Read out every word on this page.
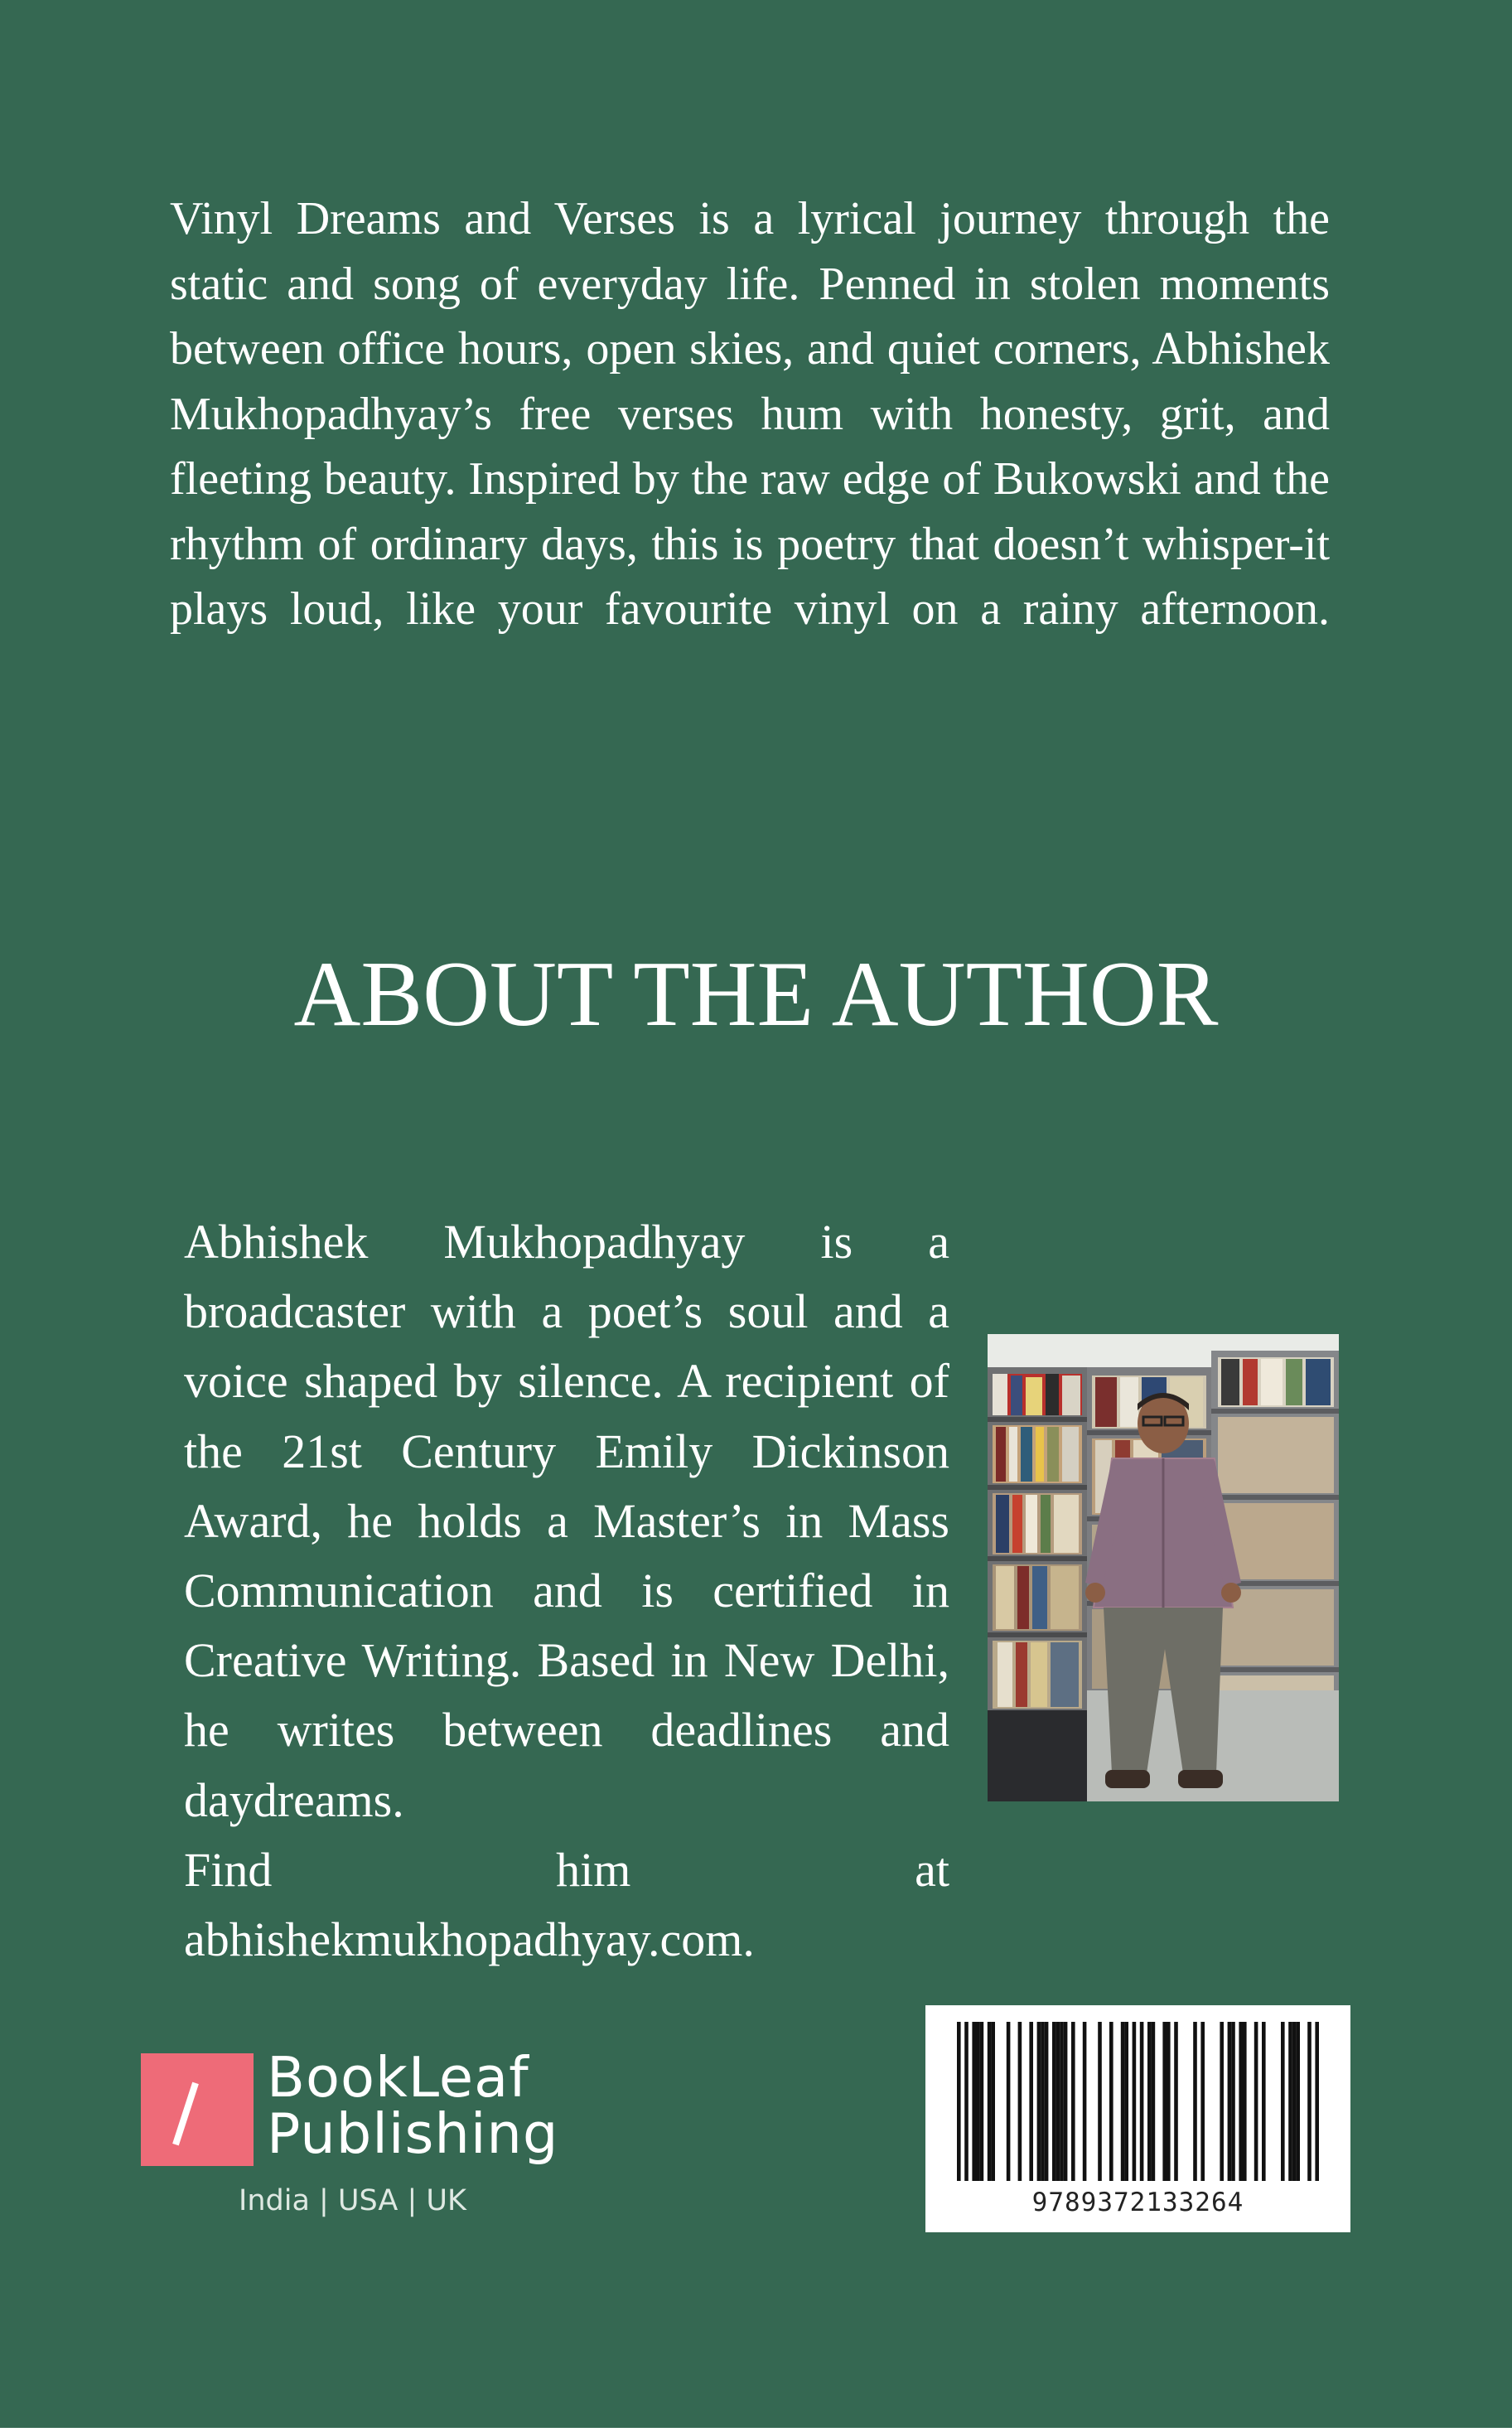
Vinyl Dreams and Verses is a lyrical journey through the static and song of everyday life. Penned in stolen moments between office hours, open skies, and quiet corners, Abhishek Mukhopadhyay’s free verses hum with honesty, grit, and fleeting beauty. Inspired by the raw edge of Bukowski and the rhythm of ordinary days, this is poetry that doesn’t whisper-it plays loud, like your favourite vinyl on a rainy afternoon.

ABOUT THE AUTHOR

Abhishek Mukhopadhyay is a broadcaster with a poet’s soul and a voice shaped by silence. A recipient of the 21st Century Emily Dickinson Award, he holds a Master’s in Mass Communication and is certified in Creative Writing. Based in New Delhi, he writes between deadlines and daydreams.
Find him at
abhishekmukhopadhyay.com.

BookLeaf
Publishing
India | USA | UK	9789372133264
